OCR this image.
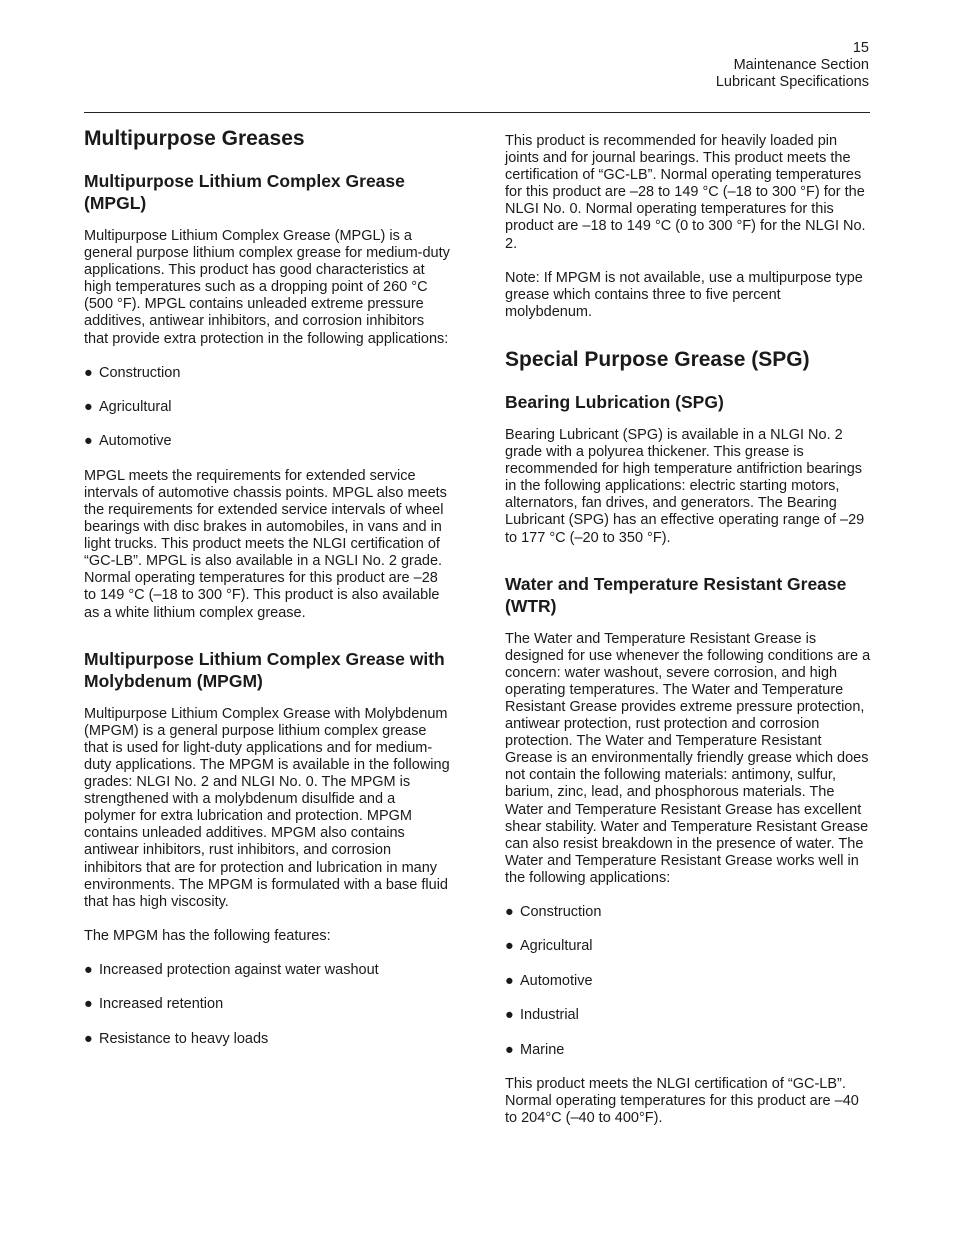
15
Maintenance Section
Lubricant Specifications
Multipurpose Greases
Multipurpose Lithium Complex Grease (MPGL)

Multipurpose Lithium Complex Grease (MPGL) is a general purpose lithium complex grease for medium-duty applications. This product has good characteristics at high temperatures such as a dropping point of 260 °C (500 °F). MPGL contains unleaded extreme pressure additives, antiwear inhibitors, and corrosion inhibitors that provide extra protection in the following applications:

● Construction
● Agricultural
● Automotive

MPGL meets the requirements for extended service intervals of automotive chassis points. MPGL also meets the requirements for extended service intervals of wheel bearings with disc brakes in automobiles, in vans and in light trucks. This product meets the NLGI certification of “GC-LB”. MPGL is also available in a NGLI No. 2 grade. Normal operating temperatures for this product are –28 to 149 °C (–18 to 300 °F). This product is also available as a white lithium complex grease.

Multipurpose Lithium Complex Grease with Molybdenum (MPGM)

Multipurpose Lithium Complex Grease with Molybdenum (MPGM) is a general purpose lithium complex grease that is used for light-duty applications and for medium-duty applications. The MPGM is available in the following grades: NLGI No. 2 and NLGI No. 0. The MPGM is strengthened with a molybdenum disulfide and a polymer for extra lubrication and protection. MPGM contains unleaded additives. MPGM also contains antiwear inhibitors, rust inhibitors, and corrosion inhibitors that are for protection and lubrication in many environments. The MPGM is formulated with a base fluid that has high viscosity.

The MPGM has the following features:

● Increased protection against water washout
● Increased retention
● Resistance to heavy loads

This product is recommended for heavily loaded pin joints and for journal bearings. This product meets the certification of “GC-LB”. Normal operating temperatures for this product are –28 to 149 °C (–18 to 300 °F) for the NLGI No. 0. Normal operating temperatures for this product are –18 to 149 °C (0 to 300 °F) for the NLGI No. 2.

Note: If MPGM is not available, use a multipurpose type grease which contains three to five percent molybdenum.

Special Purpose Grease (SPG)
Bearing Lubrication (SPG)

Bearing Lubricant (SPG) is available in a NLGI No. 2 grade with a polyurea thickener. This grease is recommended for high temperature antifriction bearings in the following applications: electric starting motors, alternators, fan drives, and generators. The Bearing Lubricant (SPG) has an effective operating range of –29 to 177 °C (–20 to 350 °F).

Water and Temperature Resistant Grease (WTR)

The Water and Temperature Resistant Grease is designed for use whenever the following conditions are a concern: water washout, severe corrosion, and high operating temperatures. The Water and Temperature Resistant Grease provides extreme pressure protection, antiwear protection, rust protection and corrosion protection. The Water and Temperature Resistant Grease is an environmentally friendly grease which does not contain the following materials: antimony, sulfur, barium, zinc, lead, and phosphorous materials. The Water and Temperature Resistant Grease has excellent shear stability. Water and Temperature Resistant Grease can also resist breakdown in the presence of water. The Water and Temperature Resistant Grease works well in the following applications:

● Construction
● Agricultural
● Automotive
● Industrial
● Marine

This product meets the NLGI certification of “GC-LB”. Normal operating temperatures for this product are –40 to 204°C (–40 to 400°F).
